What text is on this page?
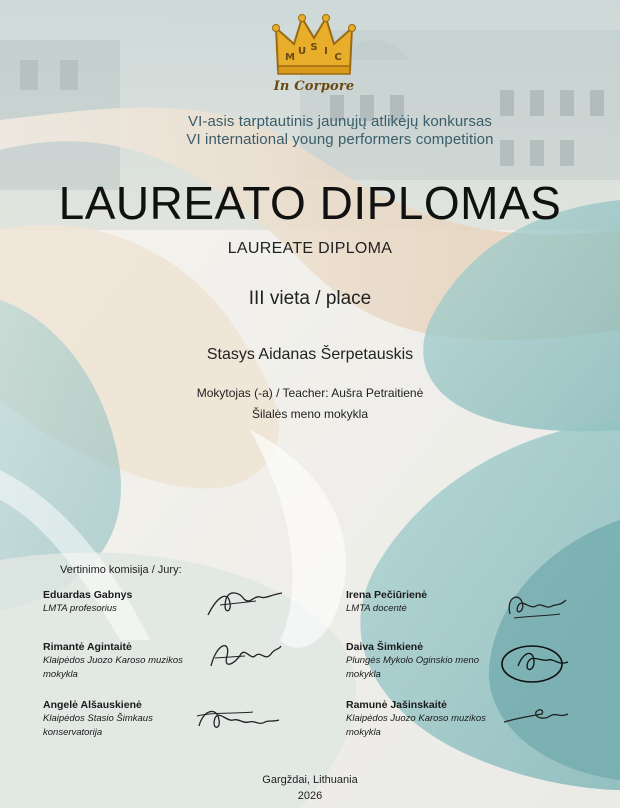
M
U S I
C
In Corpore
VI-asis tarptautinis jaunųjų atlikėjų konkursas
VI international young performers competition
LAUREATO DIPLOMAS
LAUREATE DIPLOMA
III vieta / place
Stasys Aidanas Šerpetauskis
Mokytojas (-a) / Teacher: Aušra Petraitienė
Šilalės meno mokykla
Vertinimo komisija / Jury:
Eduardas Gabnys
LMTA profesorius
Rimantė Agintaitė
Klaipėdos Juozo Karoso muzikos mokykla
Angelė Alšauskienė
Klaipėdos Stasio Šimkaus konservatorija
Irena Pečiūrienė
LMTA docentė
Daiva Šimkienė
Plungės Mykolo Oginskio meno mokykla
Ramunė Jašinskaitė
Klaipėdos Juozo Karoso muzikos mokykla
Gargždai, Lithuania
2026
